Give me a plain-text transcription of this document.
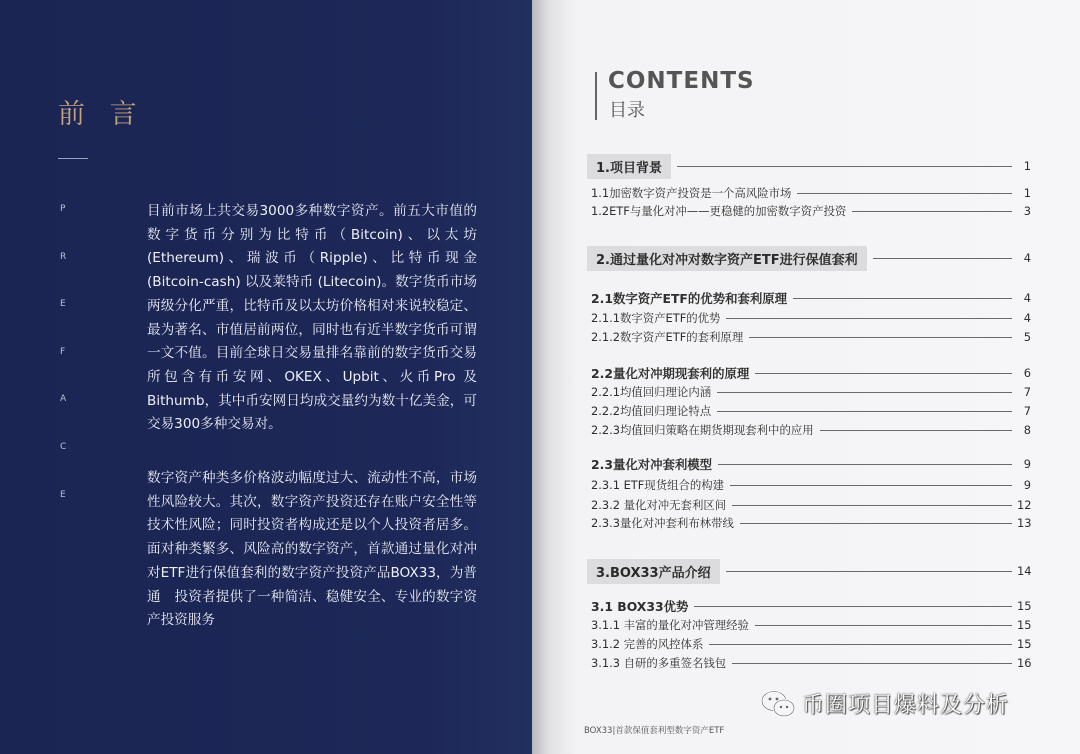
前 言
P
R
E
F
A
C
E
目前市场上共交易3000多种数字资产。前五大市值的数字货币分别为比特币（Bitcoin)、以太坊(Ethereum)、瑞波币（Ripple)、比特币现金(Bitcoin-cash) 以及莱特币 (Litecoin)。数字货币市场两级分化严重，比特币及以太坊价格相对来说较稳定、最为著名、市值居前两位，同时也有近半数字货币可谓一文不值。目前全球日交易量排名靠前的数字货币交易所包含有币安网、OKEX、Upbit、火币Pro 及 Bithumb，其中币安网日均成交量约为数十亿美金，可交易300多种交易对。
数字资产种类多价格波动幅度过大、流动性不高，市场性风险较大。其次，数字资产投资还存在账户安全性等技术性风险；同时投资者构成还是以个人投资者居多。面对种类繁多、风险高的数字资产，首款通过量化对冲对ETF进行保值套利的数字资产投资产品BOX33，为普通　投资者提供了一种简洁、稳健安全、专业的数字资产投资服务
CONTENTS
目录
1.项目背景	1
1.1加密数字资产投资是一个高风险市场	1
1.2ETF与量化对冲——更稳健的加密数字资产投资	3
2.通过量化对冲对数字资产ETF进行保值套利	4
2.1数字资产ETF的优势和套利原理	4
2.1.1数字资产ETF的优势	4
2.1.2数字资产ETF的套利原理	5
2.2量化对冲期现套利的原理	6
2.2.1均值回归理论内涵	7
2.2.2均值回归理论特点	7
2.2.3均值回归策略在期货期现套利中的应用	8
2.3量化对冲套利模型	9
2.3.1 ETF现货组合的构建	9
2.3.2 量化对冲无套利区间	12
2.3.3量化对冲套利布林带线	13
3.BOX33产品介绍	14
3.1 BOX33优势	15
3.1.1 丰富的量化对冲管理经验	15
3.1.2 完善的风控体系	15
3.1.3 自研的多重签名钱包	16
BOX33|首款保值套利型数字资产ETF
币圈项目爆料及分析
